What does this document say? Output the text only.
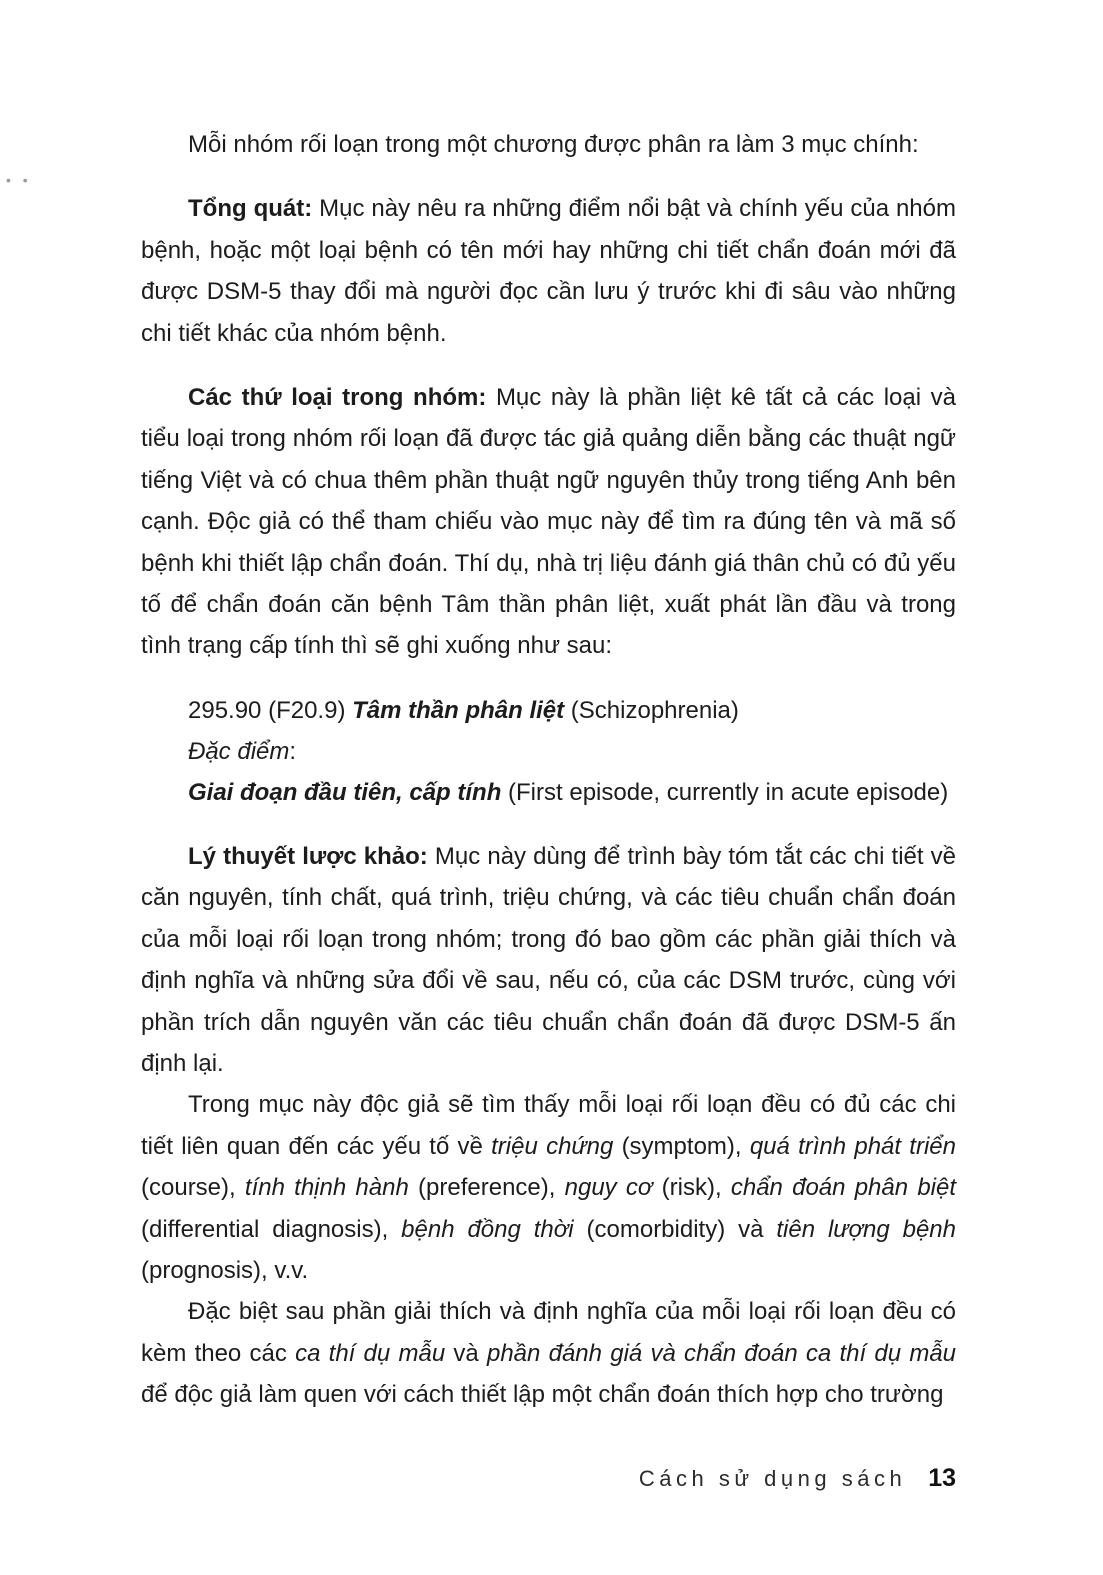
• •

Mỗi nhóm rối loạn trong một chương được phân ra làm 3 mục chính:

Tổng quát: Mục này nêu ra những điểm nổi bật và chính yếu của nhóm bệnh, hoặc một loại bệnh có tên mới hay những chi tiết chẩn đoán mới đã được DSM-5 thay đổi mà người đọc cần lưu ý trước khi đi sâu vào những chi tiết khác của nhóm bệnh.

Các thứ loại trong nhóm: Mục này là phần liệt kê tất cả các loại và tiểu loại trong nhóm rối loạn đã được tác giả quảng diễn bằng các thuật ngữ tiếng Việt và có chua thêm phần thuật ngữ nguyên thủy trong tiếng Anh bên cạnh. Độc giả có thể tham chiếu vào mục này để tìm ra đúng tên và mã số bệnh khi thiết lập chẩn đoán. Thí dụ, nhà trị liệu đánh giá thân chủ có đủ yếu tố để chẩn đoán căn bệnh Tâm thần phân liệt, xuất phát lần đầu và trong tình trạng cấp tính thì sẽ ghi xuống như sau:

295.90 (F20.9) Tâm thần phân liệt (Schizophrenia)
Đặc điểm:
Giai đoạn đầu tiên, cấp tính (First episode, currently in acute episode)

Lý thuyết lược khảo: Mục này dùng để trình bày tóm tắt các chi tiết về căn nguyên, tính chất, quá trình, triệu chứng, và các tiêu chuẩn chẩn đoán của mỗi loại rối loạn trong nhóm; trong đó bao gồm các phần giải thích và định nghĩa và những sửa đổi về sau, nếu có, của các DSM trước, cùng với phần trích dẫn nguyên văn các tiêu chuẩn chẩn đoán đã được DSM-5 ấn định lại.

Trong mục này độc giả sẽ tìm thấy mỗi loại rối loạn đều có đủ các chi tiết liên quan đến các yếu tố về triệu chứng (symptom), quá trình phát triển (course), tính thịnh hành (preference), nguy cơ (risk), chẩn đoán phân biệt (differential diagnosis), bệnh đồng thời (comorbidity) và tiên lượng bệnh (prognosis), v.v.

Đặc biệt sau phần giải thích và định nghĩa của mỗi loại rối loạn đều có kèm theo các ca thí dụ mẫu và phần đánh giá và chẩn đoán ca thí dụ mẫu để độc giả làm quen với cách thiết lập một chẩn đoán thích hợp cho trường

Cách sử dụng sách 13
